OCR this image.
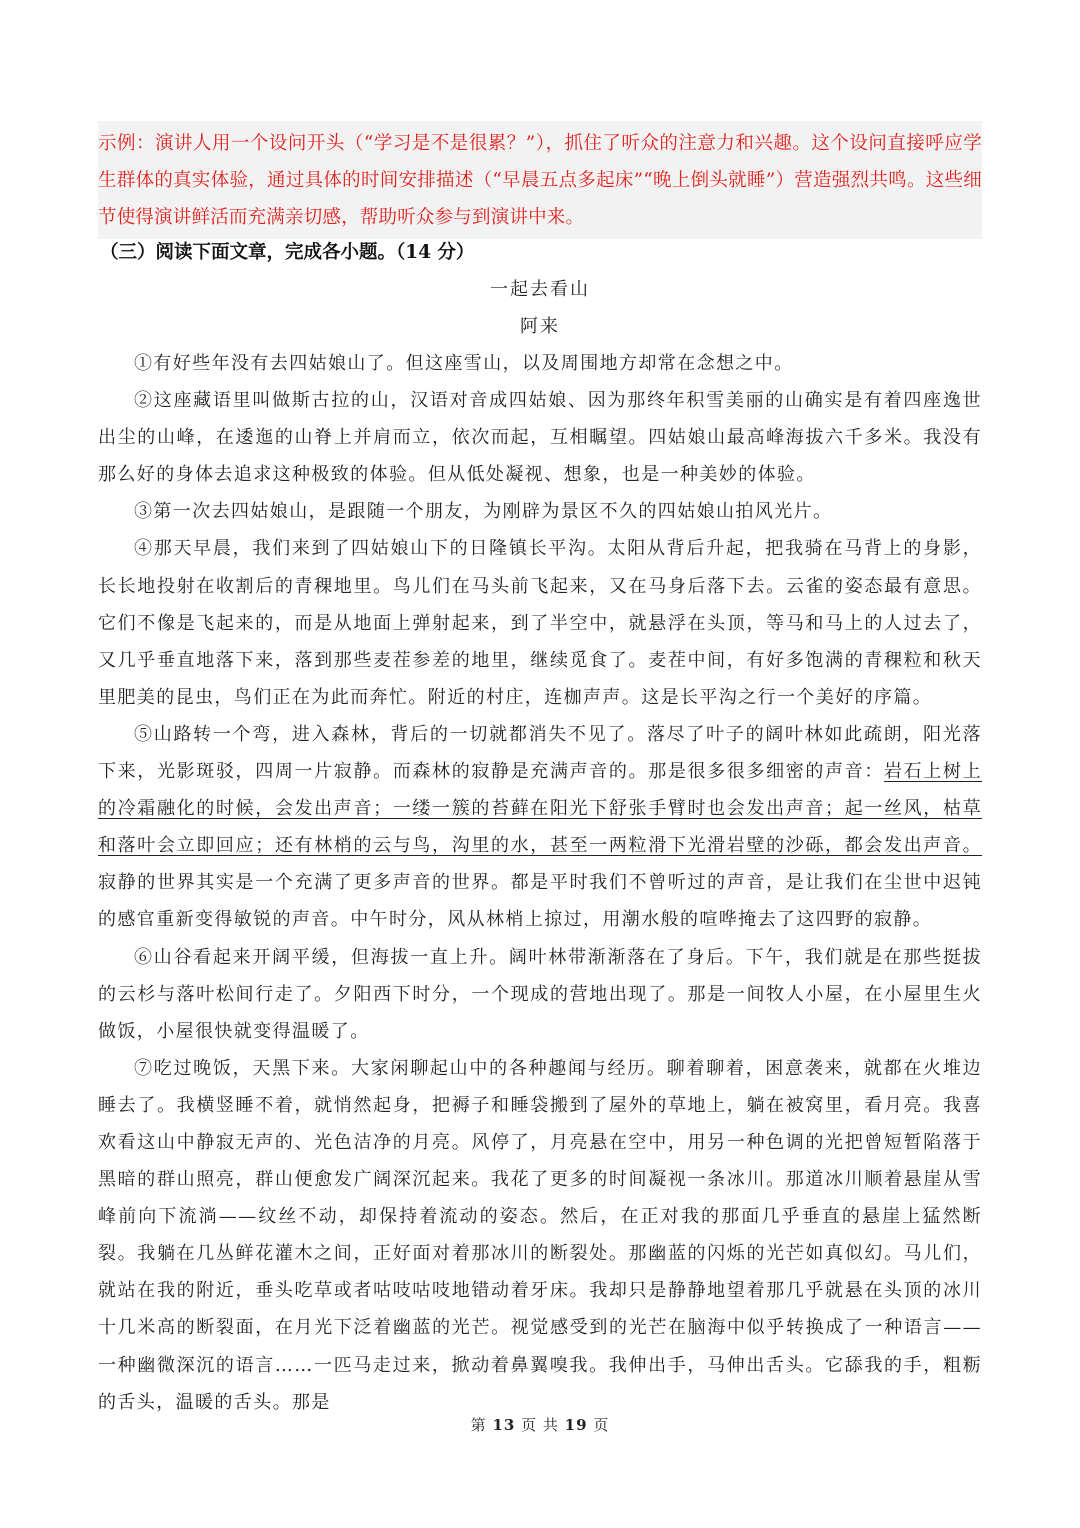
示例：演讲人用一个设问开头（“学习是不是很累？”），抓住了听众的注意力和兴趣。这个设问直接呼应学生群体的真实体验，通过具体的时间安排描述（“早晨五点多起床”“晚上倒头就睡”）营造强烈共鸣。这些细节使得演讲鲜活而充满亲切感，帮助听众参与到演讲中来。
（三）阅读下面文章，完成各小题。（14 分）
一起去看山
阿来

①有好些年没有去四姑娘山了。但这座雪山，以及周围地方却常在念想之中。

②这座藏语里叫做斯古拉的山，汉语对音成四姑娘、因为那终年积雪美丽的山确实是有着四座逸世出尘的山峰，在逶迤的山脊上并肩而立，依次而起，互相瞩望。四姑娘山最高峰海拔六千多米。我没有那么好的身体去追求这种极致的体验。但从低处凝视、想象，也是一种美妙的体验。

③第一次去四姑娘山，是跟随一个朋友，为刚辟为景区不久的四姑娘山拍风光片。

④那天早晨，我们来到了四姑娘山下的日隆镇长平沟。太阳从背后升起，把我骑在马背上的身影，长长地投射在收割后的青稞地里。鸟儿们在马头前飞起来，又在马身后落下去。云雀的姿态最有意思。它们不像是飞起来的，而是从地面上弹射起来，到了半空中，就悬浮在头顶，等马和马上的人过去了，又几乎垂直地落下来，落到那些麦茬参差的地里，继续觅食了。麦茬中间，有好多饱满的青稞粒和秋天里肥美的昆虫，鸟们正在为此而奔忙。附近的村庄，连枷声声。这是长平沟之行一个美好的序篇。

⑤山路转一个弯，进入森林，背后的一切就都消失不见了。落尽了叶子的阔叶林如此疏朗，阳光落下来，光影斑驳，四周一片寂静。而森林的寂静是充满声音的。那是很多很多细密的声音：岩石上树上的冷霜融化的时候，会发出声音；一缕一簇的苔藓在阳光下舒张手臂时也会发出声音；起一丝风，枯草和落叶会立即回应；还有林梢的云与鸟，沟里的水，甚至一两粒滑下光滑岩壁的沙砾，都会发出声音。寂静的世界其实是一个充满了更多声音的世界。都是平时我们不曾听过的声音，是让我们在尘世中迟钝的感官重新变得敏锐的声音。中午时分，风从林梢上掠过，用潮水般的喧哗掩去了这四野的寂静。

⑥山谷看起来开阔平缓，但海拔一直上升。阔叶林带渐渐落在了身后。下午，我们就是在那些挺拔的云杉与落叶松间行走了。夕阳西下时分，一个现成的营地出现了。那是一间牧人小屋，在小屋里生火做饭，小屋很快就变得温暖了。

⑦吃过晚饭，天黑下来。大家闲聊起山中的各种趣闻与经历。聊着聊着，困意袭来，就都在火堆边睡去了。我横竖睡不着，就悄然起身，把褥子和睡袋搬到了屋外的草地上，躺在被窝里，看月亮。我喜欢看这山中静寂无声的、光色洁净的月亮。风停了，月亮悬在空中，用另一种色调的光把曾短暂陷落于黑暗的群山照亮，群山便愈发广阔深沉起来。我花了更多的时间凝视一条冰川。那道冰川顺着悬崖从雪峰前向下流淌——纹丝不动，却保持着流动的姿态。然后，在正对我的那面几乎垂直的悬崖上猛然断裂。我躺在几丛鲜花灌木之间，正好面对着那冰川的断裂处。那幽蓝的闪烁的光芒如真似幻。马儿们，就站在我的附近，垂头吃草或者咕吱咕吱地错动着牙床。我却只是静静地望着那几乎就悬在头顶的冰川十几米高的断裂面，在月光下泛着幽蓝的光芒。视觉感受到的光芒在脑海中似乎转换成了一种语言——一种幽微深沉的语言……一匹马走过来，掀动着鼻翼嗅我。我伸出手，马伸出舌头。它舔我的手，粗粝的舌头，温暖的舌头。那是

第 13 页 共 19 页
